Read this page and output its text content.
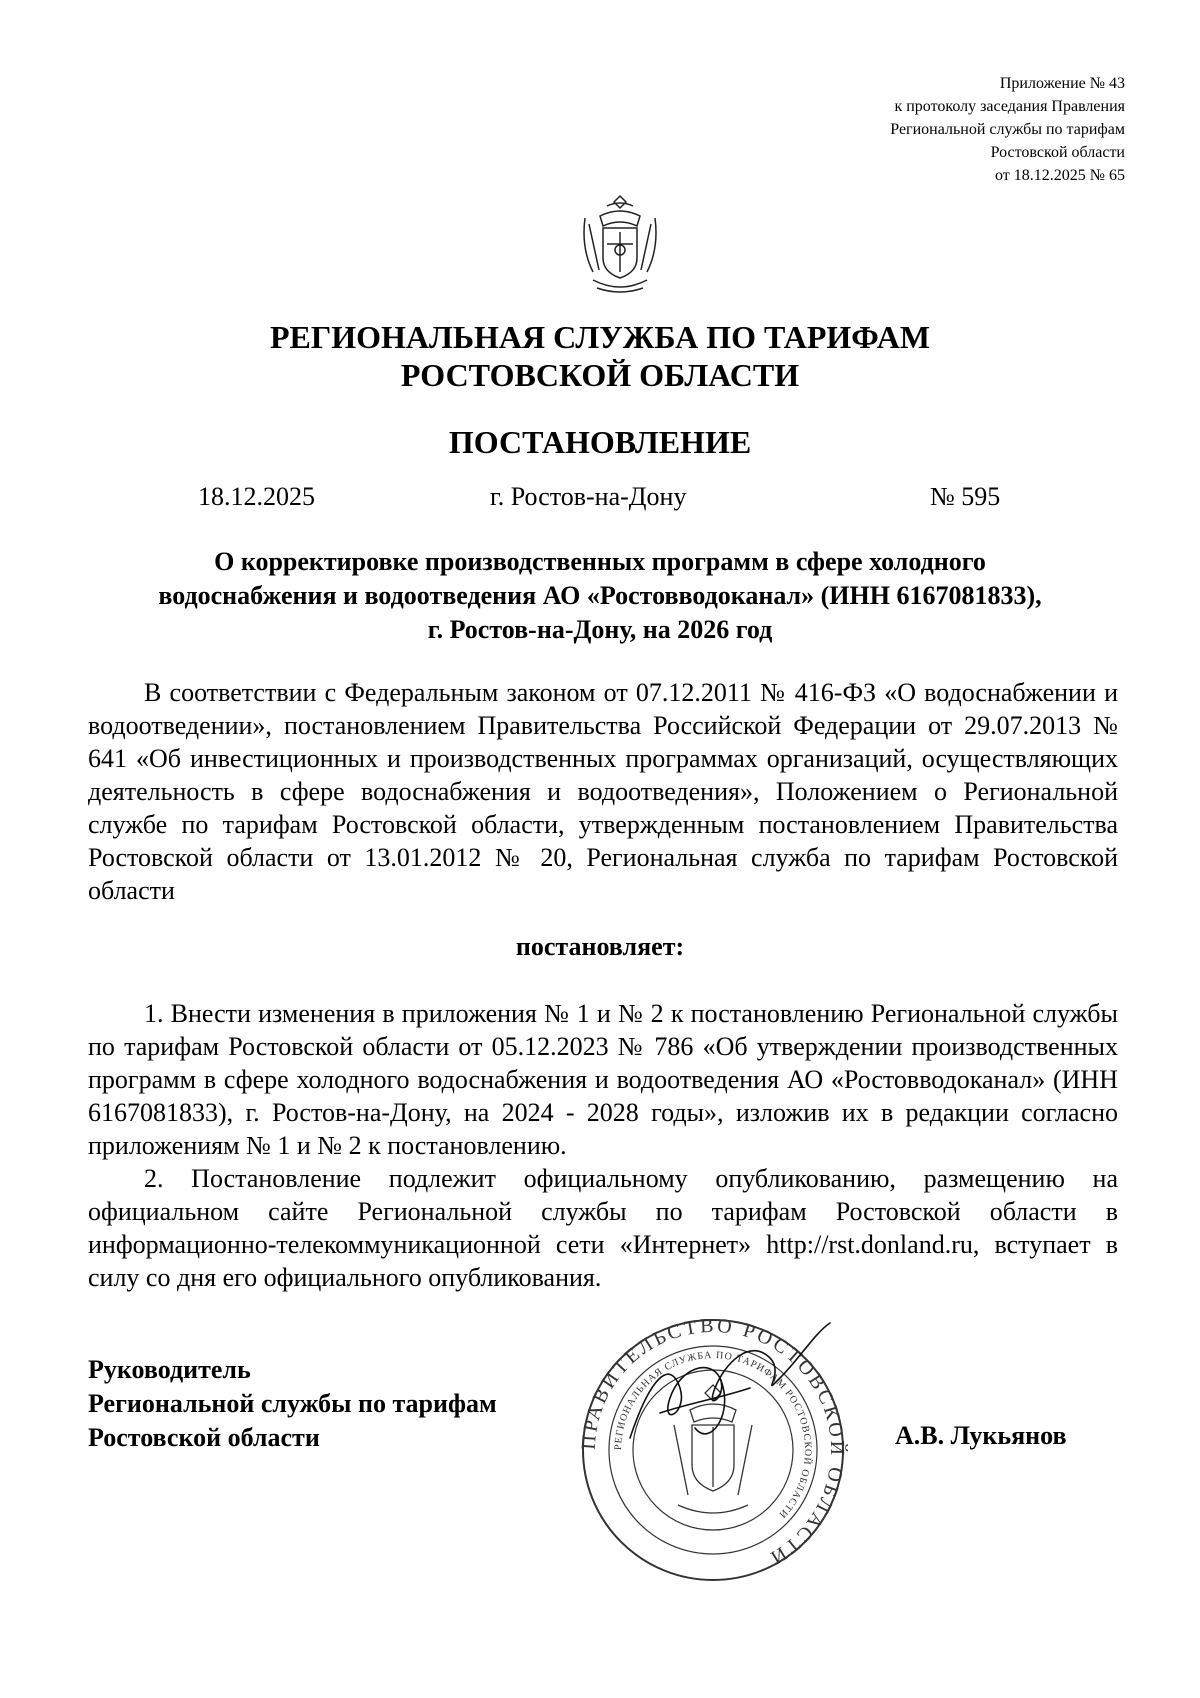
Приложение № 43
к протоколу заседания Правления
Региональной службы по тарифам
Ростовской области
от 18.12.2025 № 65
РЕГИОНАЛЬНАЯ СЛУЖБА ПО ТАРИФАМ
РОСТОВСКОЙ ОБЛАСТИ
ПОСТАНОВЛЕНИЕ
18.12.2025	г. Ростов-на-Дону	№ 595
О корректировке производственных программ в сфере холодного
водоснабжения и водоотведения АО «Ростовводоканал» (ИНН 6167081833),
г. Ростов-на-Дону, на 2026 год
В соответствии с Федеральным законом от 07.12.2011 № 416-ФЗ «О водоснабжении и водоотведении», постановлением Правительства Российской Федерации от 29.07.2013 № 641 «Об инвестиционных и производственных программах организаций, осуществляющих деятельность в сфере водоснабжения и водоотведения», Положением о Региональной службе по тарифам Ростовской области, утвержденным постановлением Правительства Ростовской области от 13.01.2012 № 20, Региональная служба по тарифам Ростовской области
постановляет:

1. Внести изменения в приложения № 1 и № 2 к постановлению Региональной службы по тарифам Ростовской области от 05.12.2023 № 786 «Об утверждении производственных программ в сфере холодного водоснабжения и водоотведения АО «Ростовводоканал» (ИНН 6167081833), г. Ростов-на-Дону, на 2024 - 2028 годы», изложив их в редакции согласно приложениям № 1 и № 2 к постановлению.

2. Постановление подлежит официальному опубликованию, размещению на официальном сайте Региональной службы по тарифам Ростовской области в информационно-телекоммуникационной сети «Интернет» http://rst.donland.ru, вступает в силу со дня его официального опубликования.

Руководитель
Региональной службы по тарифам
Ростовской области	ПРАВИТЕЛЬСТВО РОСТОВСКОЙ ОБЛАСТИ
РЕГИОНАЛЬНАЯ СЛУЖБА ПО ТАРИФАМ РОСТОВСКОЙ ОБЛАСТИ
А.В. Лукьянов
